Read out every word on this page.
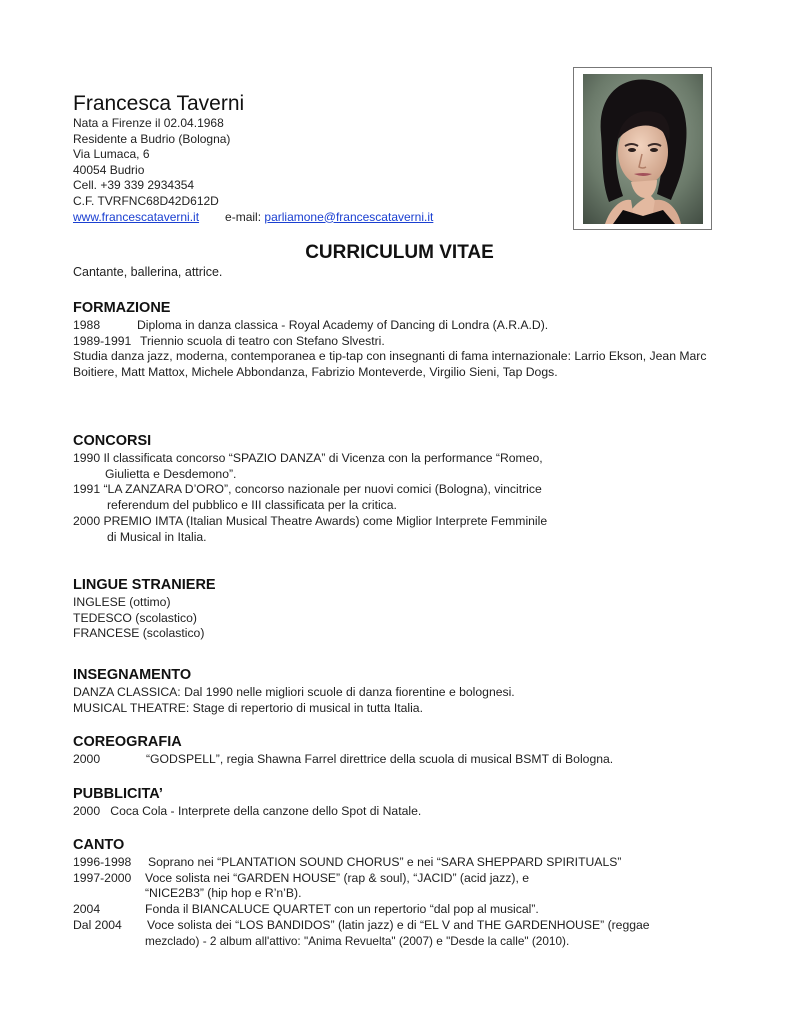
Francesca Taverni
Nata a Firenze il 02.04.1968
Residente a Budrio (Bologna)
Via Lumaca, 6
40054 Budrio
Cell. +39 339 2934354
C.F. TVRFNC68D42D612D
www.francescataverni.it e-mail: parliamone@francescataverni.it
CURRICULUM VITAE
Cantante, ballerina, attrice.
FORMAZIONE
1988	Diploma in danza classica - Royal Academy of Dancing di Londra (A.R.A.D).
1989-1991 Triennio scuola di teatro con Stefano Slvestri.
Studia danza jazz, moderna, contemporanea e tip-tap con insegnanti di fama internazionale: Larrio Ekson, Jean Marc Boitiere, Matt Mattox, Michele Abbondanza, Fabrizio Monteverde, Virgilio Sieni, Tap Dogs.
CONCORSI
1990 Il classificata concorso “SPAZIO DANZA” di Vicenza con la performance “Romeo,
Giulietta e Desdemono”.
1991 “LA ZANZARA D’ORO”, concorso nazionale per nuovi comici (Bologna), vincitrice
referendum del pubblico e III classificata per la critica.
2000 PREMIO IMTA (Italian Musical Theatre Awards) come Miglior Interprete Femminile
di Musical in Italia.
LINGUE STRANIERE
INGLESE (ottimo)
TEDESCO (scolastico)
FRANCESE (scolastico)
INSEGNAMENTO
DANZA CLASSICA: Dal 1990 nelle migliori scuole di danza fiorentine e bolognesi.
MUSICAL THEATRE: Stage di repertorio di musical in tutta Italia.
COREOGRAFIA
2000	“GODSPELL”, regia Shawna Farrel direttrice della scuola di musical BSMT di Bologna.
PUBBLICITA’
2000   Coca Cola - Interprete della canzone dello Spot di Natale.
CANTO
1996-1998	Soprano nei “PLANTATION SOUND CHORUS” e nei “SARA SHEPPARD SPIRITUALS”
1997-2000	Voce solista nei “GARDEN HOUSE” (rap & soul), “JACID” (acid jazz), e
“NICE2B3” (hip hop e R’n’B).
2004	Fonda il BIANCALUCE QUARTET con un repertorio “dal pop al musical”.
Dal 2004	Voce solista dei “LOS BANDIDOS” (latin jazz) e di “EL V and THE GARDENHOUSE” (reggae
mezclado) - 2 album all'attivo: "Anima Revuelta" (2007) e "Desde la calle" (2010).
